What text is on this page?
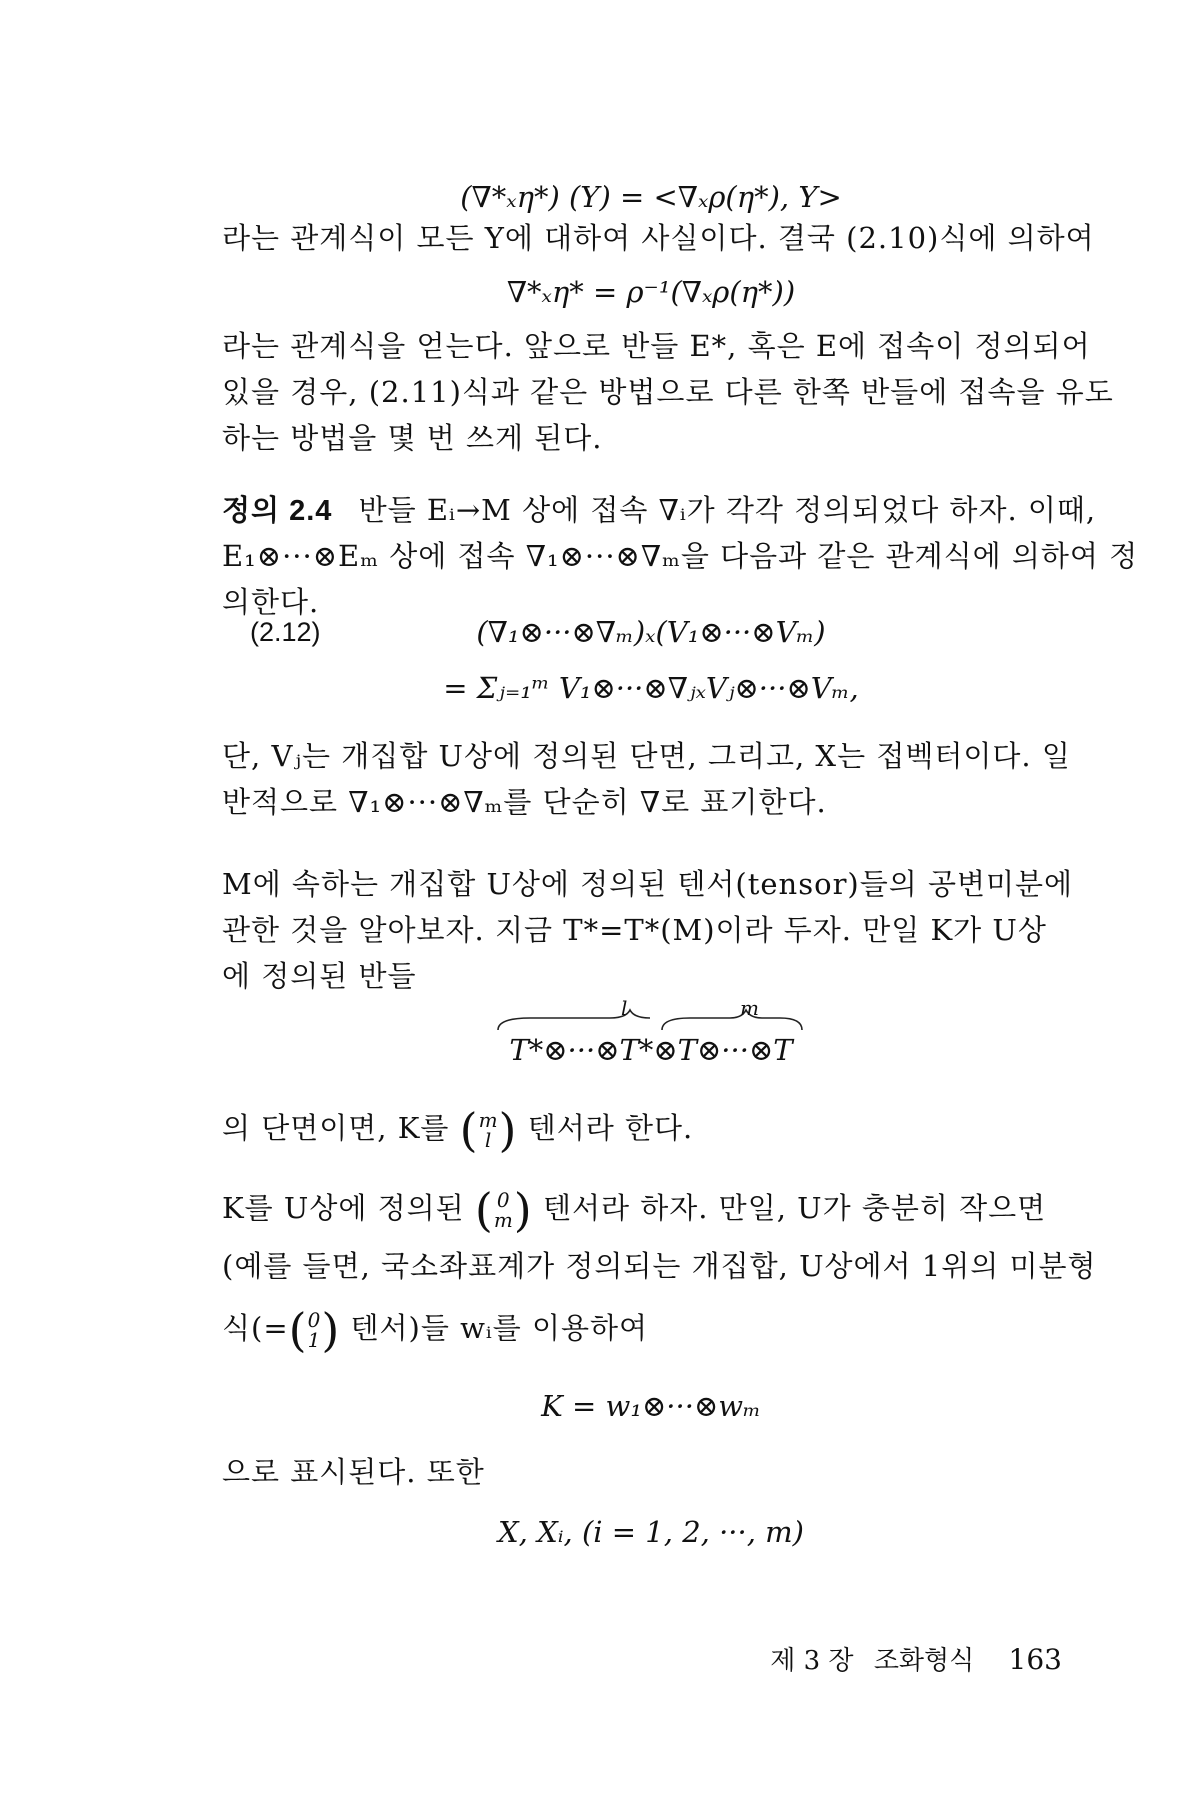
(∇*ₓη*) (Y) = <∇ₓρ(η*), Y>
라는 관계식이 모든 Y에 대하여 사실이다. 결국 (2.10)식에 의하여
∇*ₓη* = ρ⁻¹(∇ₓρ(η*))
라는 관계식을 얻는다. 앞으로 반들 E*, 혹은 E에 접속이 정의되어
있을 경우, (2.11)식과 같은 방법으로 다른 한쪽 반들에 접속을 유도
하는 방법을 몇 번 쓰게 된다.
정의 2.4 반들 Eᵢ→M 상에 접속 ∇ᵢ가 각각 정의되었다 하자. 이때,
E₁⊗···⊗Eₘ 상에 접속 ∇₁⊗···⊗∇ₘ을 다음과 같은 관계식에 의하여 정
의한다.
(2.12)	(∇₁⊗···⊗∇ₘ)ₓ(V₁⊗···⊗Vₘ)
= Σⱼ₌₁ᵐ V₁⊗···⊗∇ⱼₓVⱼ⊗···⊗Vₘ,
단, Vⱼ는 개집합 U상에 정의된 단면, 그리고, X는 접벡터이다. 일
반적으로 ∇₁⊗···⊗∇ₘ를 단순히 ∇로 표기한다.
M에 속하는 개집합 U상에 정의된 텐서(tensor)들의 공변미분에
관한 것을 알아보자. 지금 T*=T*(M)이라 두자. 만일 K가 U상
에 정의된 반들
l	m
T*⊗···⊗T*⊗T⊗···⊗T
의 단면이면, K를 (m
l ) 텐서라 한다.
K를 U상에 정의된 ( 0
m) 텐서라 하자. 만일, U가 충분히 작으면
(예를 들면, 국소좌표계가 정의되는 개집합, U상에서 1위의 미분형
식(=(0
1) 텐서)들 wᵢ를 이용하여
K = w₁⊗···⊗wₘ
으로 표시된다. 또한
X, Xᵢ, (i = 1, 2, ···, m)
제 3 장 조화형식 163
